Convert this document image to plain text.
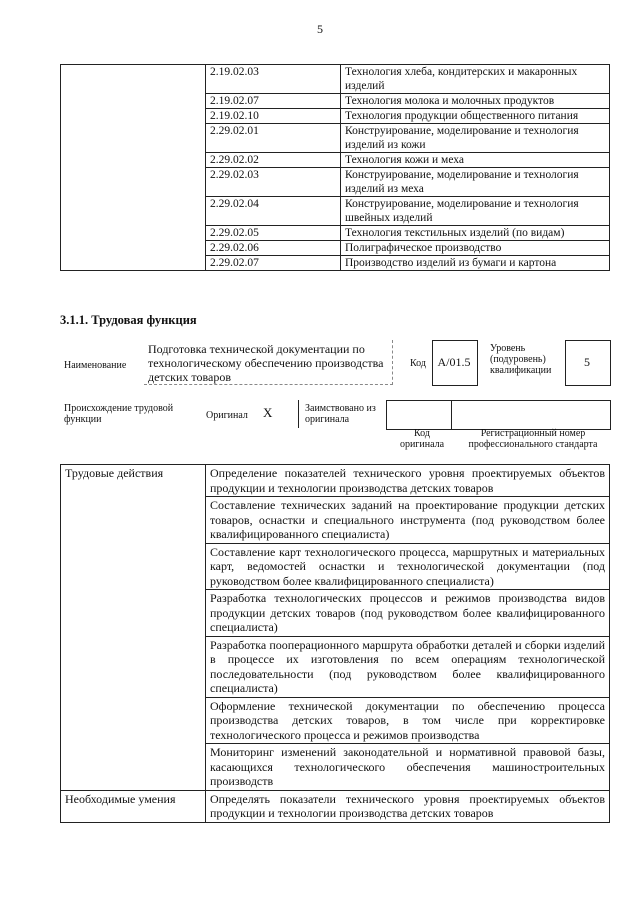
5
	2.19.02.03	Технология хлеба, кондитерских и макаронных изделий
	2.19.02.07	Технология молока и молочных продуктов
	2.19.02.10	Технология продукции общественного питания
	2.29.02.01	Конструирование, моделирование и технология изделий из кожи
	2.29.02.02	Технология кожи и меха
	2.29.02.03	Конструирование, моделирование и технология изделий из меха
	2.29.02.04	Конструирование, моделирование и технология швейных изделий
	2.29.02.05	Технология текстильных изделий (по видам)
	2.29.02.06	Полиграфическое производство
	2.29.02.07	Производство изделий из бумаги и картона
3.1.1. Трудовая функция
Наименование
Подготовка технической документации по технологическому обеспечению производства детских товаров
Код A/01.5
Уровень (подуровень) квалификации
5
Происхождение трудовой функции	Оригинал X	Заимствовано из оригинала
Код оригинала
Регистрационный номер профессионального стандарта
Трудовые действия	Определение показателей технического уровня проектируемых объектов продукции и технологии производства детских товаров
	Составление технических заданий на проектирование продукции детских товаров, оснастки и специального инструмента (под руководством более квалифицированного специалиста)
	Составление карт технологического процесса, маршрутных и материальных карт, ведомостей оснастки и технологической документации (под руководством более квалифицированного специалиста)
	Разработка технологических процессов и режимов производства видов продукции детских товаров (под руководством более квалифицированного специалиста)
	Разработка пооперационного маршрута обработки деталей и сборки изделий в процессе их изготовления по всем операциям технологической последовательности (под руководством более квалифицированного специалиста)
	Оформление технической документации по обеспечению процесса производства детских товаров, в том числе при корректировке технологического процесса и режимов производства
	Мониторинг изменений законодательной и нормативной правовой базы, касающихся технологического обеспечения машиностроительных производств
Необходимые умения	Определять показатели технического уровня проектируемых объектов продукции и технологии производства детских товаров
